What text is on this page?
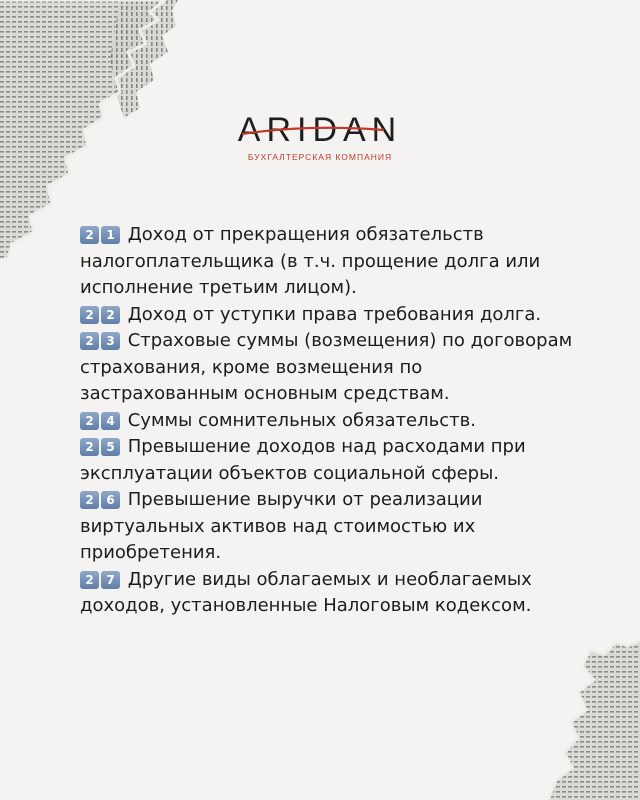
ARIDAN
БУХГАЛТЕРСКАЯ КОМПАНИЯ

2 1 Доход от прекращения обязательств налогоплательщика (в т.ч. прощение долга или исполнение третьим лицом).

2 2 Доход от уступки права требования долга.

2 3 Страховые суммы (возмещения) по договорам страхования, кроме возмещения по застрахованным основным средствам.

2 4 Суммы сомнительных обязательств.

2 5 Превышение доходов над расходами при эксплуатации объектов социальной сферы.

2 6 Превышение выручки от реализации виртуальных активов над стоимостью их приобретения.

2 7 Другие виды облагаемых и необлагаемых доходов, установленные Налоговым кодексом.
